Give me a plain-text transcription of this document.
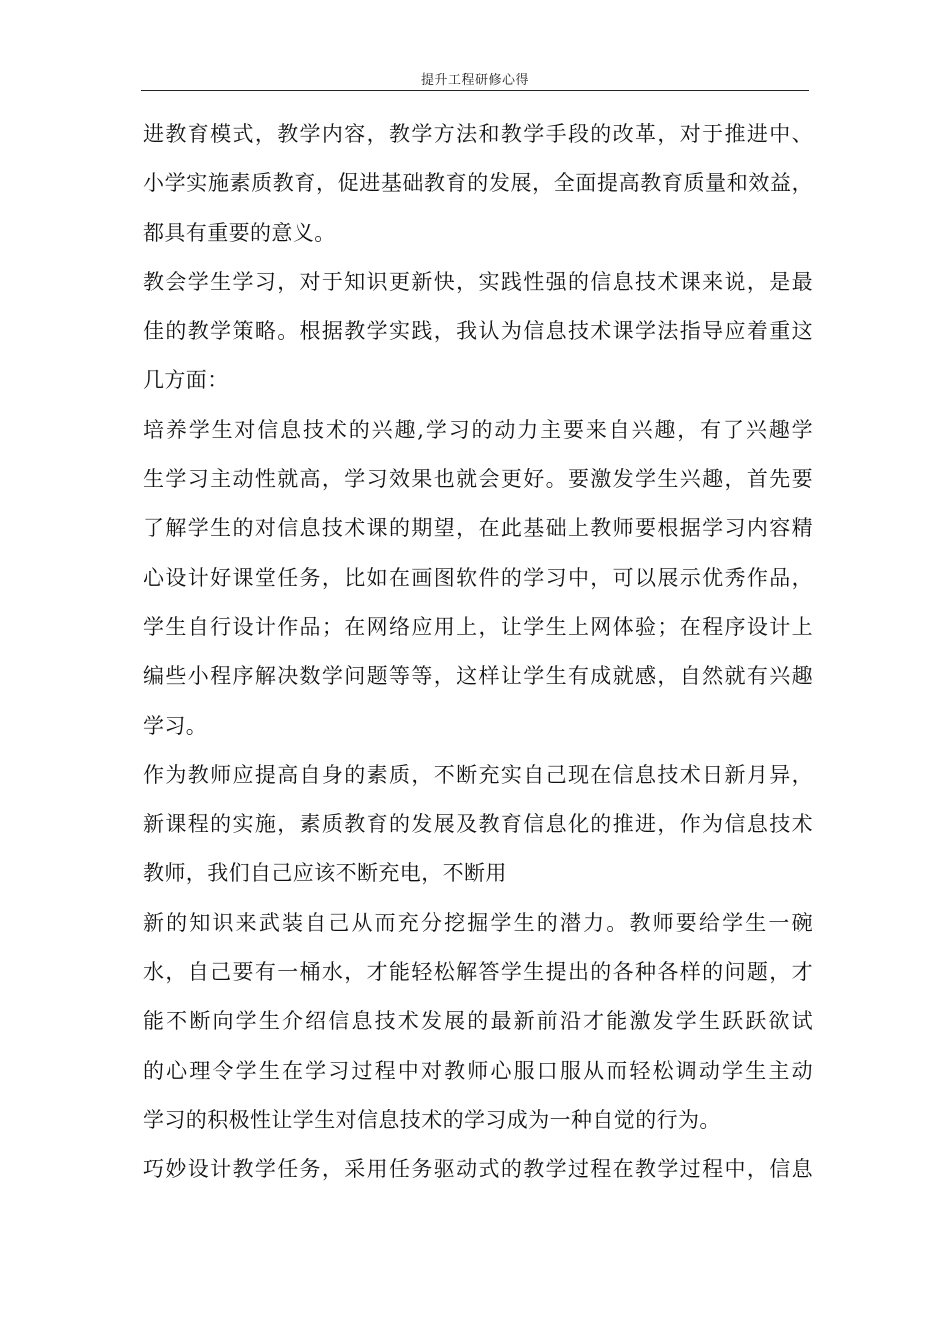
提升工程研修心得
进教育模式，教学内容，教学方法和教学手段的改革，对于推进中、
小学实施素质教育，促进基础教育的发展，全面提高教育质量和效益，
都具有重要的意义。
教会学生学习，对于知识更新快，实践性强的信息技术课来说，是最
佳的教学策略。根据教学实践，我认为信息技术课学法指导应着重这
几方面：
培养学生对信息技术的兴趣,学习的动力主要来自兴趣，有了兴趣学
生学习主动性就高，学习效果也就会更好。要激发学生兴趣，首先要
了解学生的对信息技术课的期望，在此基础上教师要根据学习内容精
心设计好课堂任务，比如在画图软件的学习中，可以展示优秀作品，
学生自行设计作品；在网络应用上，让学生上网体验；在程序设计上
编些小程序解决数学问题等等，这样让学生有成就感，自然就有兴趣
学习。
作为教师应提高自身的素质，不断充实自己现在信息技术日新月异，
新课程的实施，素质教育的发展及教育信息化的推进，作为信息技术
教师，我们自己应该不断充电，不断用
新的知识来武装自己从而充分挖掘学生的潜力。教师要给学生一碗
水，自己要有一桶水，才能轻松解答学生提出的各种各样的问题，才
能不断向学生介绍信息技术发展的最新前沿才能激发学生跃跃欲试
的心理令学生在学习过程中对教师心服口服从而轻松调动学生主动
学习的积极性让学生对信息技术的学习成为一种自觉的行为。
巧妙设计教学任务，采用任务驱动式的教学过程在教学过程中，信息
